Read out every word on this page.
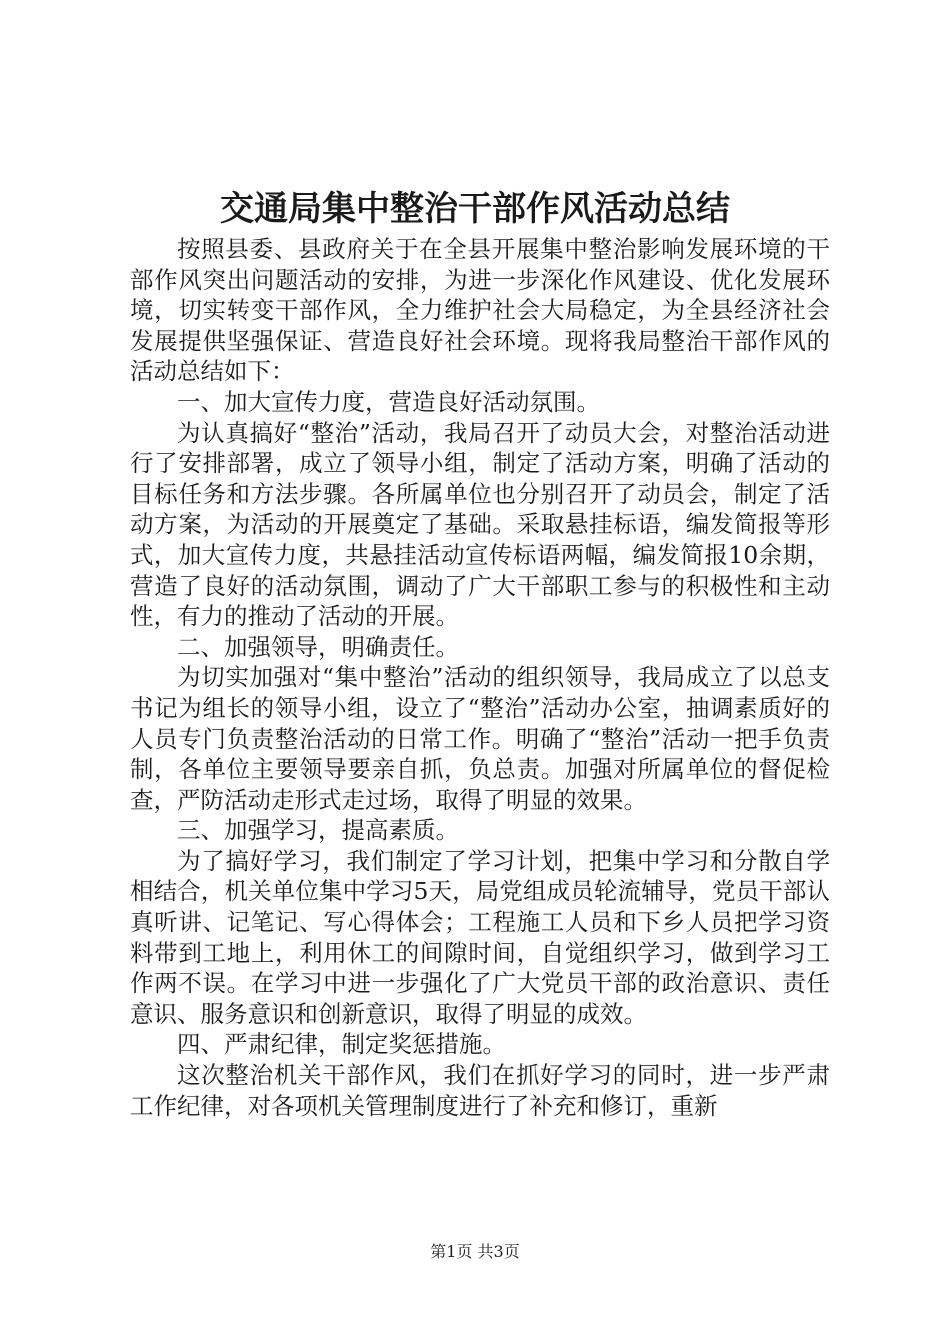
交通局集中整治干部作风活动总结

按照县委、县政府关于在全县开展集中整治影响发展环境的干部作风突出问题活动的安排，为进一步深化作风建设、优化发展环境，切实转变干部作风，全力维护社会大局稳定，为全县经济社会发展提供坚强保证、营造良好社会环境。现将我局整治干部作风的活动总结如下：

一、加大宣传力度，营造良好活动氛围。

为认真搞好“整治”活动，我局召开了动员大会，对整治活动进行了安排部署，成立了领导小组，制定了活动方案，明确了活动的目标任务和方法步骤。各所属单位也分别召开了动员会，制定了活动方案，为活动的开展奠定了基础。采取悬挂标语，编发简报等形式，加大宣传力度，共悬挂活动宣传标语两幅，编发简报10余期，营造了良好的活动氛围，调动了广大干部职工参与的积极性和主动性，有力的推动了活动的开展。

二、加强领导，明确责任。

为切实加强对“集中整治”活动的组织领导，我局成立了以总支书记为组长的领导小组，设立了“整治”活动办公室，抽调素质好的人员专门负责整治活动的日常工作。明确了“整治”活动一把手负责制，各单位主要领导要亲自抓，负总责。加强对所属单位的督促检查，严防活动走形式走过场，取得了明显的效果。

三、加强学习，提高素质。

为了搞好学习，我们制定了学习计划，把集中学习和分散自学相结合，机关单位集中学习5天，局党组成员轮流辅导，党员干部认真听讲、记笔记、写心得体会；工程施工人员和下乡人员把学习资料带到工地上，利用休工的间隙时间，自觉组织学习，做到学习工作两不误。在学习中进一步强化了广大党员干部的政治意识、责任意识、服务意识和创新意识，取得了明显的成效。

四、严肃纪律，制定奖惩措施。

这次整治机关干部作风，我们在抓好学习的同时，进一步严肃工作纪律，对各项机关管理制度进行了补充和修订，重新

第1页 共3页
